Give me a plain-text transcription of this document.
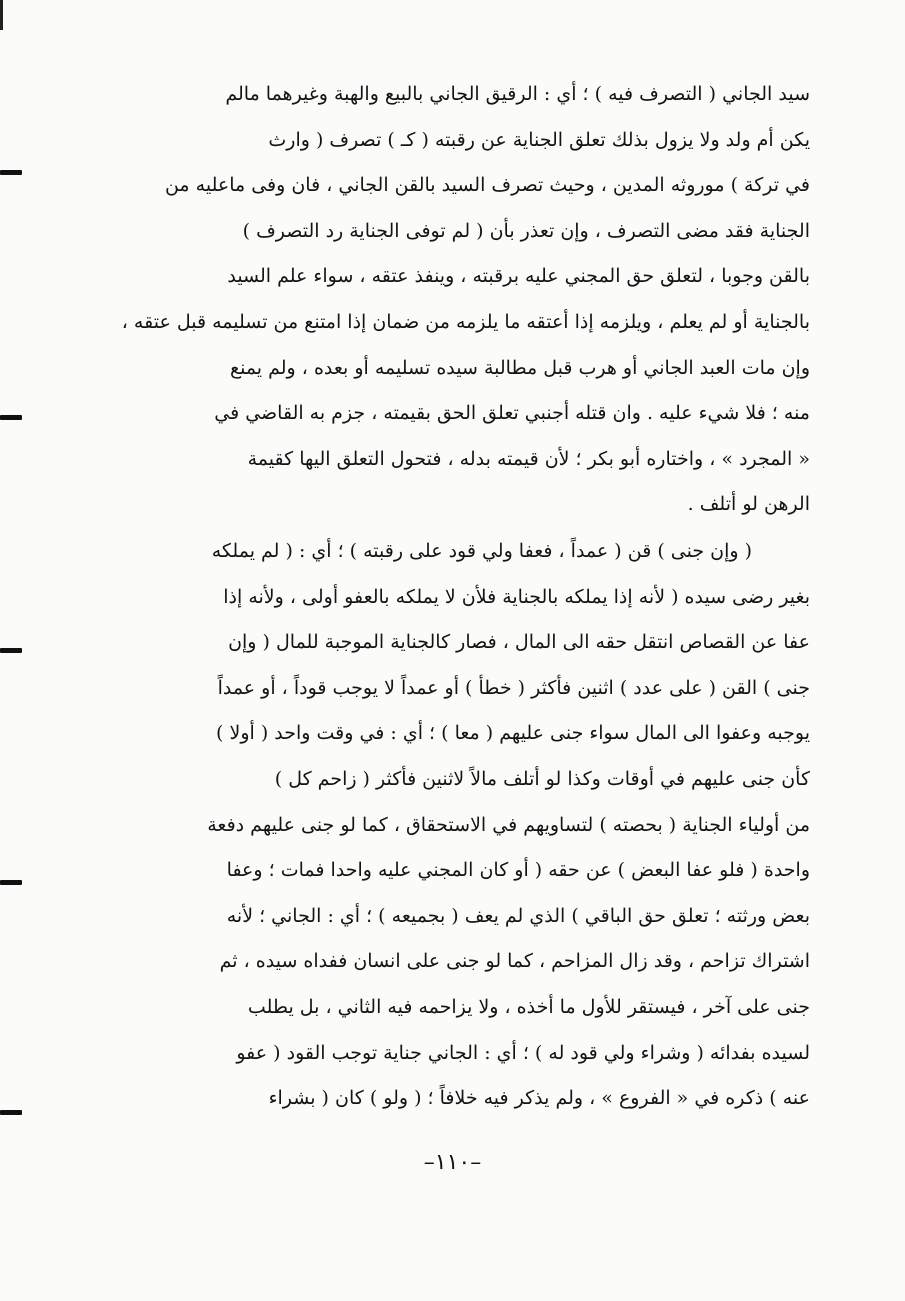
سيد الجاني ( التصرف فيه ) ؛ أي : الرقيق الجاني بالبيع والهبة وغيرهما مالم
يكن أم ولد ولا يزول بذلك تعلق الجناية عن رقبته ( كـ ) تصرف ( وارث
في تركة ) موروثه المدين ، وحيث تصرف السيد بالقن الجاني ، فان وفى ماعليه من
الجناية فقد مضى التصرف ، وإن تعذر بأن ( لم توفى الجناية رد التصرف )
بالقن وجوبا ، لتعلق حق المجني عليه برقبته ، وينفذ عتقه ، سواء علم السيد
بالجناية أو لم يعلم ، ويلزمه إذا أعتقه ما يلزمه من ضمان إذا امتنع من تسليمه قبل عتقه ،
وإن مات العبد الجاني أو هرب قبل مطالبة سيده تسليمه أو بعده ، ولم يمنع
منه ؛ فلا شيء عليه . وان قتله أجنبي تعلق الحق بقيمته ، جزم به القاضي في
« المجرد » ، واختاره أبو بكر ؛ لأن قيمته بدله ، فتحول التعلق اليها كقيمة
الرهن لو أتلف .
( وإن جنى ) قن ( عمداً ، فعفا ولي قود على رقبته ) ؛ أي : ( لم يملكه
بغير رضى سيده ( لأنه إذا يملكه بالجناية فلأن لا يملكه بالعفو أولى ، ولأنه إذا
عفا عن القصاص انتقل حقه الى المال ، فصار كالجناية الموجبة للمال ( وإن
جنى ) القن ( على عدد ) اثنين فأكثر ( خطأ ) أو عمداً لا يوجب قوداً ، أو عمداً
يوجبه وعفوا الى المال سواء جنى عليهم ( معا ) ؛ أي : في وقت واحد ( أولا )
كأن جنى عليهم في أوقات وكذا لو أتلف مالاً لاثنين فأكثر ( زاحم كل )
من أولياء الجناية ( بحصته ) لتساويهم في الاستحقاق ، كما لو جنى عليهم دفعة
واحدة ( فلو عفا البعض ) عن حقه ( أو كان المجني عليه واحدا فمات ؛ وعفا
بعض ورثته ؛ تعلق حق الباقي ) الذي لم يعف ( بجميعه ) ؛ أي : الجاني ؛ لأنه
اشتراك تزاحم ، وقد زال المزاحم ، كما لو جنى على انسان ففداه سيده ، ثم
جنى على آخر ، فيستقر للأول ما أخذه ، ولا يزاحمه فيه الثاني ، بل يطلب
لسيده بفدائه ( وشراء ولي قود له ) ؛ أي : الجاني جناية توجب القود ( عفو
عنه ) ذكره في « الفروع » ، ولم يذكر فيه خلافاً ؛ ( ولو ) كان ( بشراء
–١١٠–
